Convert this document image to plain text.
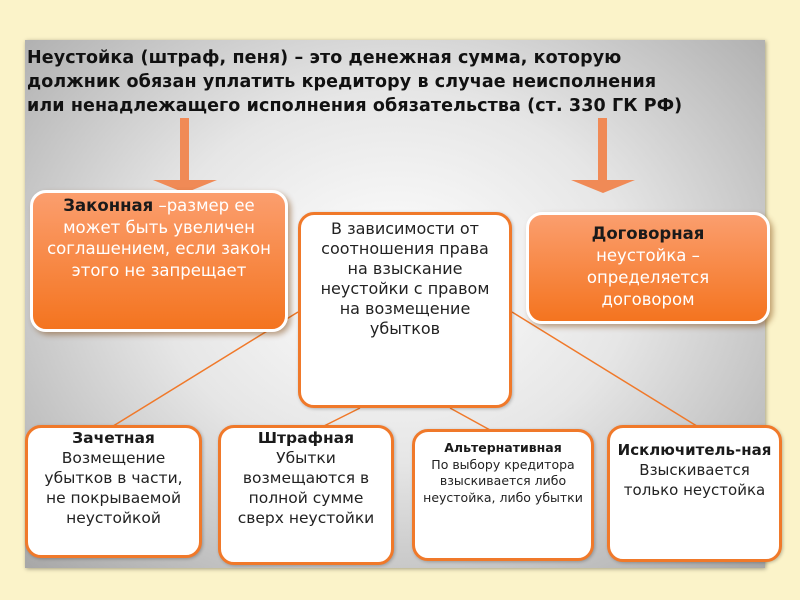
Неустойка (штраф, пеня) – это денежная сумма, которую
должник обязан уплатить кредитору в случае неисполнения
или ненадлежащего исполнения обязательства (ст. 330 ГК РФ)
Законная –размер ее может быть увеличен соглашением, если закон этого не запрещает
Договорная
неустойка – определяется договором
В зависимости от соотношения права на взыскание неустойки с правом на возмещение убытков
Зачетная
Возмещение убытков в части, не покрываемой неустойкой
Штрафная
Убытки возмещаются в полной сумме сверх неустойки
Альтернативная
По выбору кредитора взыскивается либо неустойка, либо убытки
Исключитель-ная
Взыскивается только неустойка
